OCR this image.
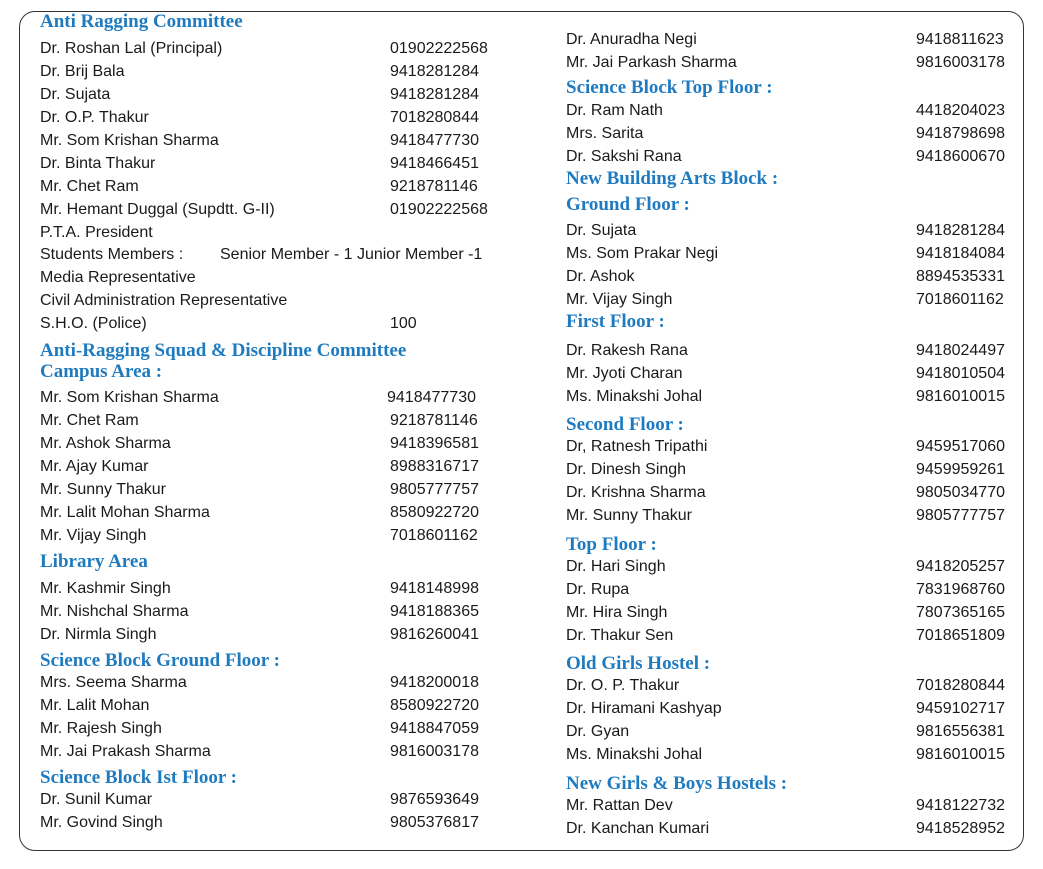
Anti Ragging Committee
Dr. Roshan Lal (Principal)	01902222568
Dr. Brij Bala	9418281284
Dr. Sujata	9418281284
Dr. O.P. Thakur	7018280844
Mr. Som Krishan Sharma	9418477730
Dr. Binta Thakur	9418466451
Mr. Chet Ram	9218781146
Mr. Hemant Duggal (Supdtt. G-II)	01902222568
P.T.A. President
Students Members : Senior Member - 1 Junior Member -1
Media Representative
Civil Administration Representative
S.H.O. (Police)	100
Anti-Ragging Squad & Discipline Committee
Campus Area :
Mr. Som Krishan Sharma	9418477730
Mr. Chet Ram	9218781146
Mr. Ashok Sharma	9418396581
Mr. Ajay Kumar	8988316717
Mr. Sunny Thakur	9805777757
Mr. Lalit Mohan Sharma	8580922720
Mr. Vijay Singh	7018601162
Library Area
Mr. Kashmir Singh	9418148998
Mr. Nishchal Sharma	9418188365
Dr. Nirmla Singh	9816260041
Science Block Ground Floor :
Mrs. Seema Sharma	9418200018
Mr. Lalit Mohan	8580922720
Mr. Rajesh Singh	9418847059
Mr. Jai Prakash Sharma	9816003178
Science Block Ist Floor :
Dr. Sunil Kumar	9876593649
Mr. Govind Singh	9805376817
Dr. Anuradha Negi	9418811623
Mr. Jai Parkash Sharma	9816003178
Science Block Top Floor :
Dr. Ram Nath	4418204023
Mrs. Sarita	9418798698
Dr. Sakshi Rana	9418600670
New Building Arts Block :
Ground Floor :
Dr. Sujata	9418281284
Ms. Som Prakar Negi	9418184084
Dr. Ashok	8894535331
Mr. Vijay Singh	7018601162
First Floor :
Dr. Rakesh Rana	9418024497
Mr. Jyoti Charan	9418010504
Ms. Minakshi Johal	9816010015
Second Floor :
Dr, Ratnesh Tripathi	9459517060
Dr. Dinesh Singh	9459959261
Dr. Krishna Sharma	9805034770
Mr. Sunny Thakur	9805777757
Top Floor :
Dr. Hari Singh	9418205257
Dr. Rupa	7831968760
Mr. Hira Singh	7807365165
Dr. Thakur Sen	7018651809
Old Girls Hostel :
Dr. O. P. Thakur	7018280844
Dr. Hiramani Kashyap	9459102717
Dr. Gyan	9816556381
Ms. Minakshi Johal	9816010015
New Girls & Boys Hostels :
Mr. Rattan Dev	9418122732
Dr. Kanchan Kumari	9418528952
